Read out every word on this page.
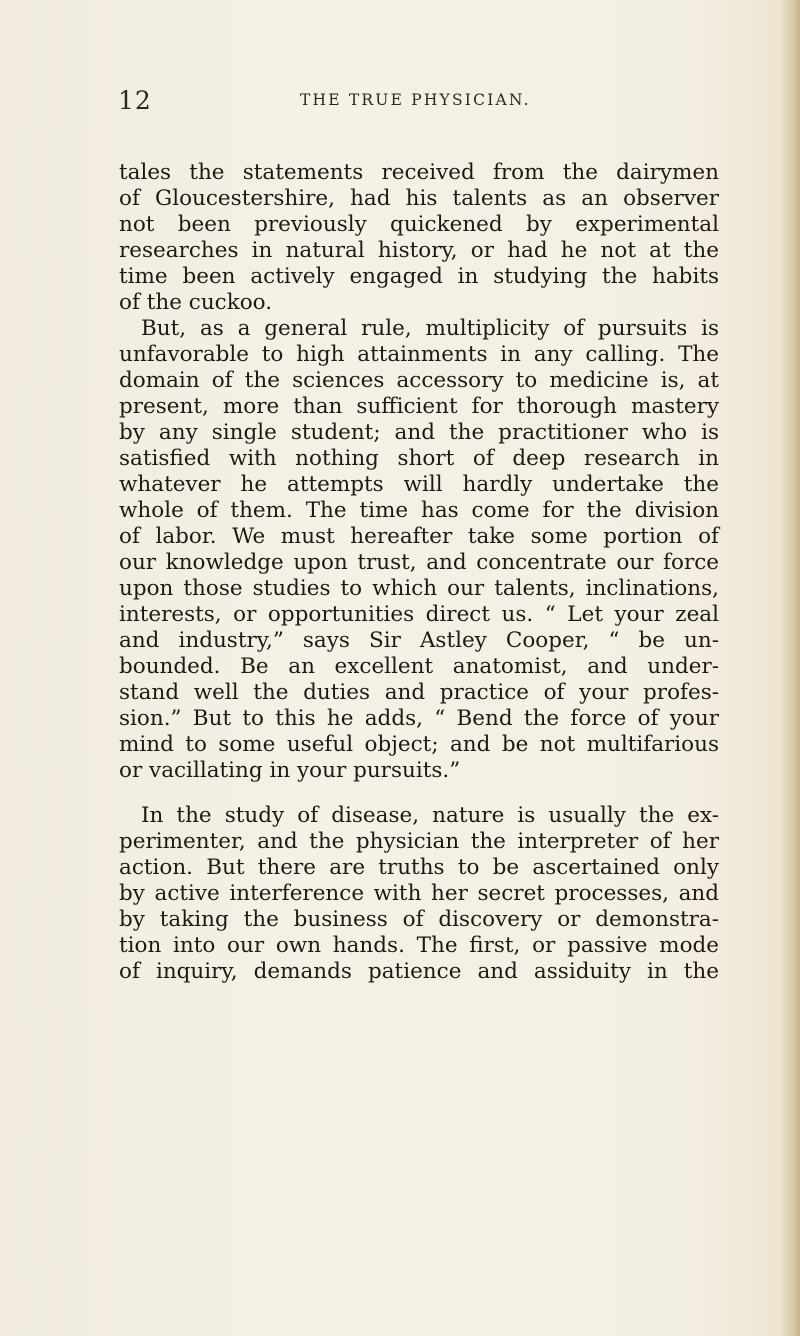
12	THE TRUE PHYSICIAN.
tales the statements received from the dairymen
of Gloucestershire, had his talents as an observer
not been previously quickened by experimental
researches in natural history, or had he not at the
time been actively engaged in studying the habits
of the cuckoo.
But, as a general rule, multiplicity of pursuits is
unfavorable to high attainments in any calling. The
domain of the sciences accessory to medicine is, at
present, more than sufficient for thorough mastery
by any single student; and the practitioner who is
satisfied with nothing short of deep research in
whatever he attempts will hardly undertake the
whole of them. The time has come for the division
of labor. We must hereafter take some portion of
our knowledge upon trust, and concentrate our force
upon those studies to which our talents, inclinations,
interests, or opportunities direct us. “ Let your zeal
and industry,” says Sir Astley Cooper, “ be un-
bounded. Be an excellent anatomist, and under-
stand well the duties and practice of your profes-
sion.” But to this he adds, “ Bend the force of your
mind to some useful object; and be not multifarious
or vacillating in your pursuits.”
In the study of disease, nature is usually the ex-
perimenter, and the physician the interpreter of her
action. But there are truths to be ascertained only
by active interference with her secret processes, and
by taking the business of discovery or demonstra-
tion into our own hands. The first, or passive mode
of inquiry, demands patience and assiduity in the
